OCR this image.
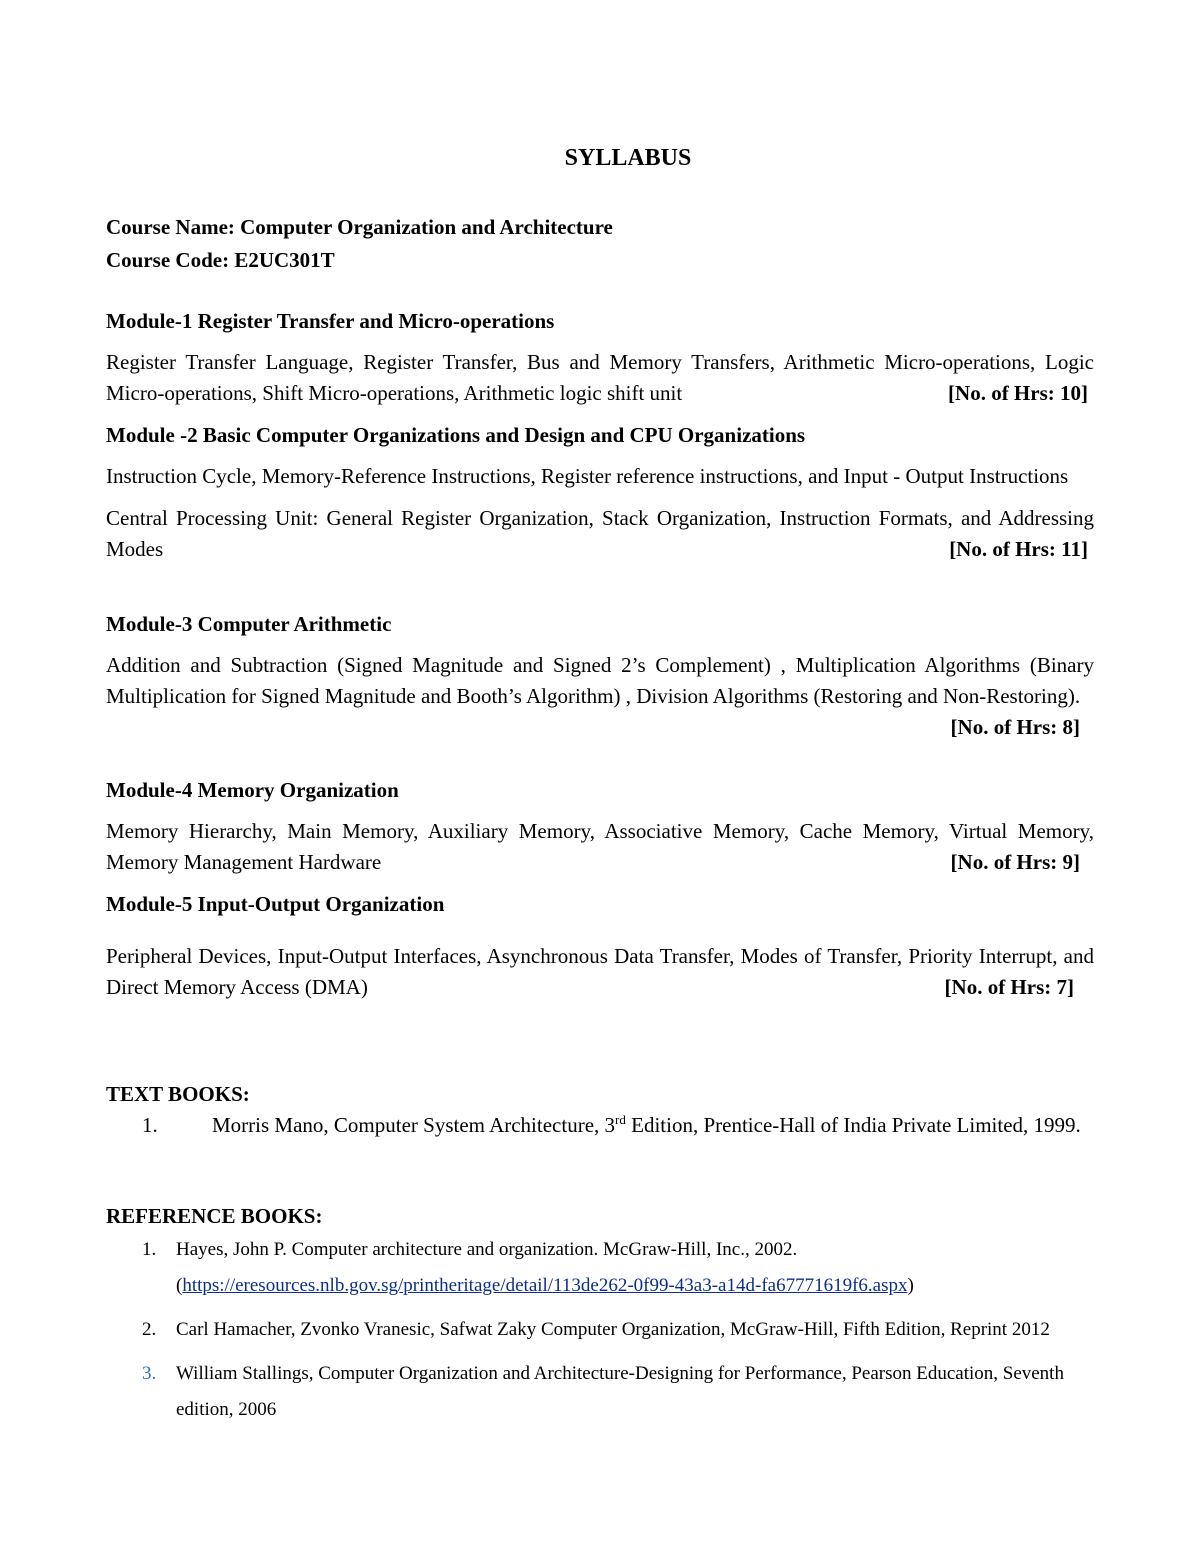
SYLLABUS
Course Name: Computer Organization and Architecture
Course Code: E2UC301T
Module-1 Register Transfer and Micro-operations
Register Transfer Language, Register Transfer, Bus and Memory Transfers, Arithmetic Micro-operations, Logic Micro-operations, Shift Micro-operations, Arithmetic logic shift unit	[No. of Hrs: 10]
Module -2 Basic Computer Organizations and Design and CPU Organizations
Instruction Cycle, Memory-Reference Instructions, Register reference instructions, and Input - Output Instructions
Central Processing Unit: General Register Organization, Stack Organization, Instruction Formats, and Addressing Modes	[No. of Hrs: 11]
Module-3 Computer Arithmetic
Addition and Subtraction (Signed Magnitude and Signed 2’s Complement) , Multiplication Algorithms (Binary Multiplication for Signed Magnitude and Booth’s Algorithm) , Division Algorithms (Restoring and Non-Restoring).
[No. of Hrs: 8]
Module-4 Memory Organization
Memory Hierarchy, Main Memory, Auxiliary Memory, Associative Memory, Cache Memory, Virtual Memory, Memory Management Hardware	[No. of Hrs: 9]
Module-5 Input-Output Organization
Peripheral Devices, Input-Output Interfaces, Asynchronous Data Transfer, Modes of Transfer, Priority Interrupt, and Direct Memory Access (DMA)	[No. of Hrs: 7]
TEXT BOOKS:
1.	Morris Mano, Computer System Architecture, 3rd Edition, Prentice-Hall of India Private Limited, 1999.
REFERENCE BOOKS:
1.	Hayes, John P. Computer architecture and organization. McGraw-Hill, Inc., 2002.
(https://eresources.nlb.gov.sg/printheritage/detail/113de262-0f99-43a3-a14d-fa67771619f6.aspx)
2.	Carl Hamacher, Zvonko Vranesic, Safwat Zaky Computer Organization, McGraw-Hill, Fifth Edition, Reprint 2012
3.	William Stallings, Computer Organization and Architecture-Designing for Performance, Pearson Education, Seventh edition, 2006
